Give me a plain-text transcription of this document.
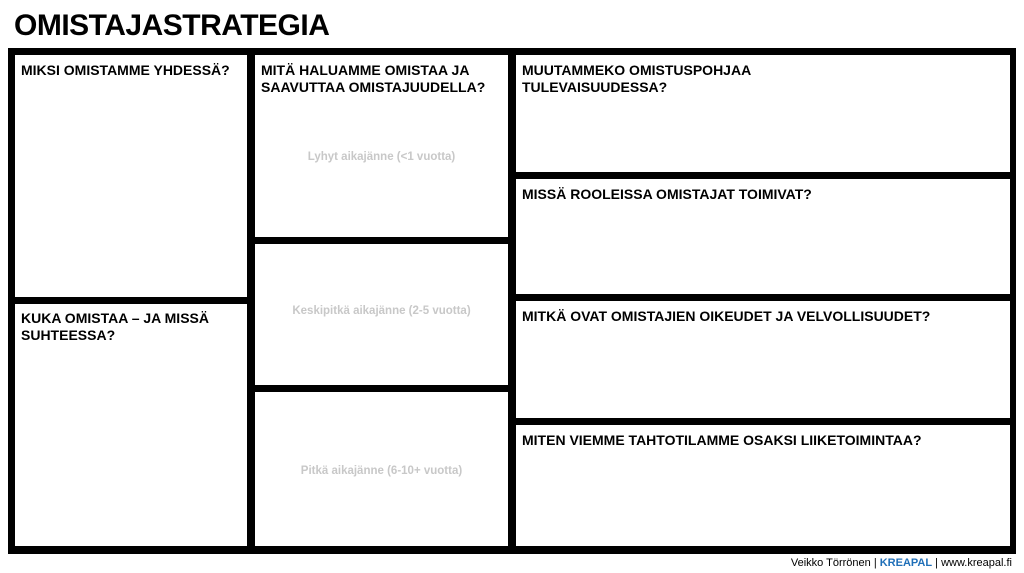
OMISTAJASTRATEGIA

MIKSI OMISTAMME YHDESSÄ?

KUKA OMISTAA – JA MISSÄ SUHTEESSA?

MITÄ HALUAMME OMISTAA JA SAAVUTTAA OMISTAJUUDELLA?

Lyhyt aikajänne (<1 vuotta)
Keskipitkä aikajänne (2-5 vuotta)
Pitkä aikajänne (6-10+ vuotta)

MUUTAMMEKO OMISTUSPOHJAA TULEVAISUUDESSA?

MISSÄ ROOLEISSA OMISTAJAT TOIMIVAT?

MITKÄ OVAT OMISTAJIEN OIKEUDET JA VELVOLLISUUDET?

MITEN VIEMME TAHTOTILAMME OSAKSI LIIKETOIMINTAA?

Veikko Törrönen | KREAPAL | www.kreapal.fi
